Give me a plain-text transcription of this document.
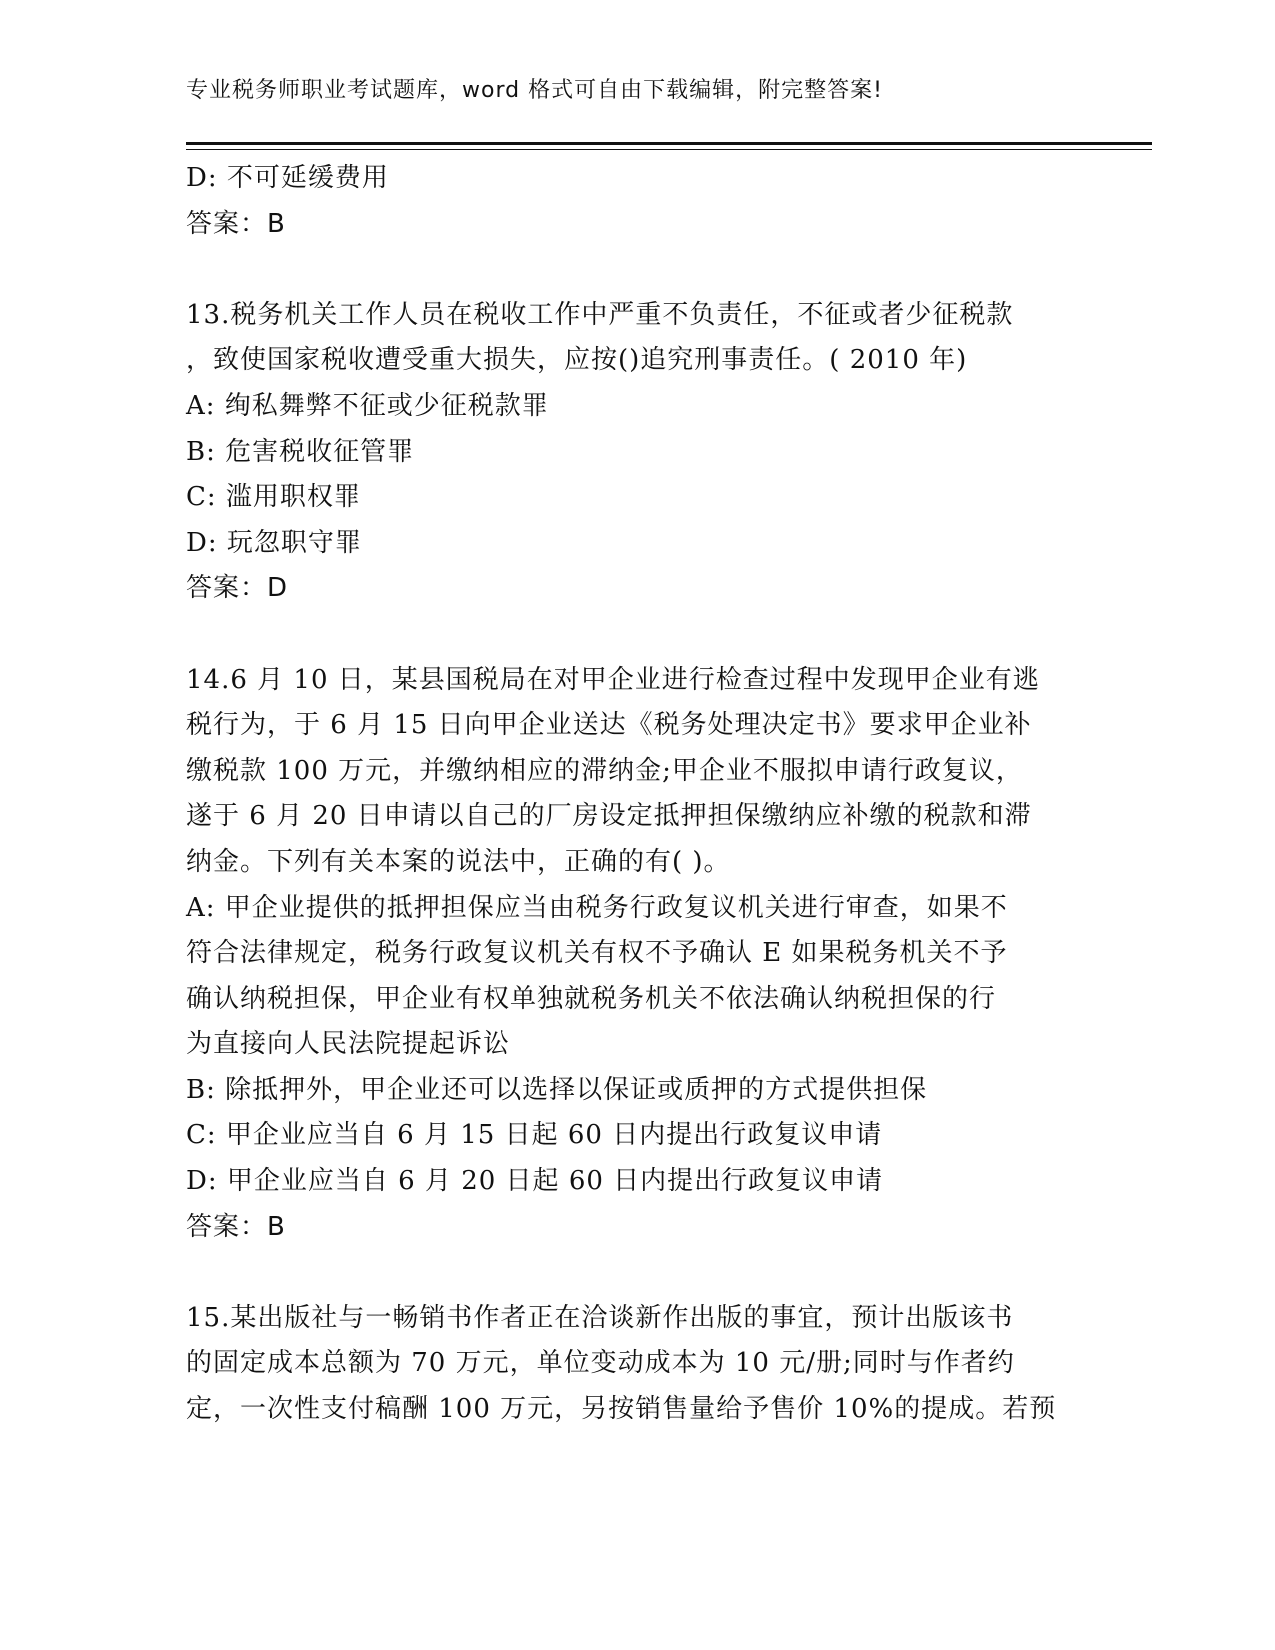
专业税务师职业考试题库，word 格式可自由下载编辑，附完整答案!
D: 不可延缓费用
答案：B
13.税务机关工作人员在税收工作中严重不负责任，不征或者少征税款
，致使国家税收遭受重大损失，应按()追究刑事责任。( 2010 年)
A: 绚私舞弊不征或少征税款罪
B: 危害税收征管罪
C: 滥用职权罪
D: 玩忽职守罪
答案：D
14.6 月 10 日，某县国税局在对甲企业进行检查过程中发现甲企业有逃
税行为，于 6 月 15 日向甲企业送达《税务处理决定书》要求甲企业补
缴税款 100 万元，并缴纳相应的滞纳金;甲企业不服拟申请行政复议，
遂于 6 月 20 日申请以自己的厂房设定抵押担保缴纳应补缴的税款和滞
纳金。下列有关本案的说法中，正确的有( )。
A: 甲企业提供的抵押担保应当由税务行政复议机关进行审查，如果不
符合法律规定，税务行政复议机关有权不予确认 E 如果税务机关不予
确认纳税担保，甲企业有权单独就税务机关不依法确认纳税担保的行
为直接向人民法院提起诉讼
B: 除抵押外，甲企业还可以选择以保证或质押的方式提供担保
C: 甲企业应当自 6 月 15 日起 60 日内提出行政复议申请
D: 甲企业应当自 6 月 20 日起 60 日内提出行政复议申请
答案：B
15.某出版社与一畅销书作者正在洽谈新作出版的事宜，预计出版该书
的固定成本总额为 70 万元，单位变动成本为 10 元/册;同时与作者约
定，一次性支付稿酬 100 万元，另按销售量给予售价 10%的提成。若预
